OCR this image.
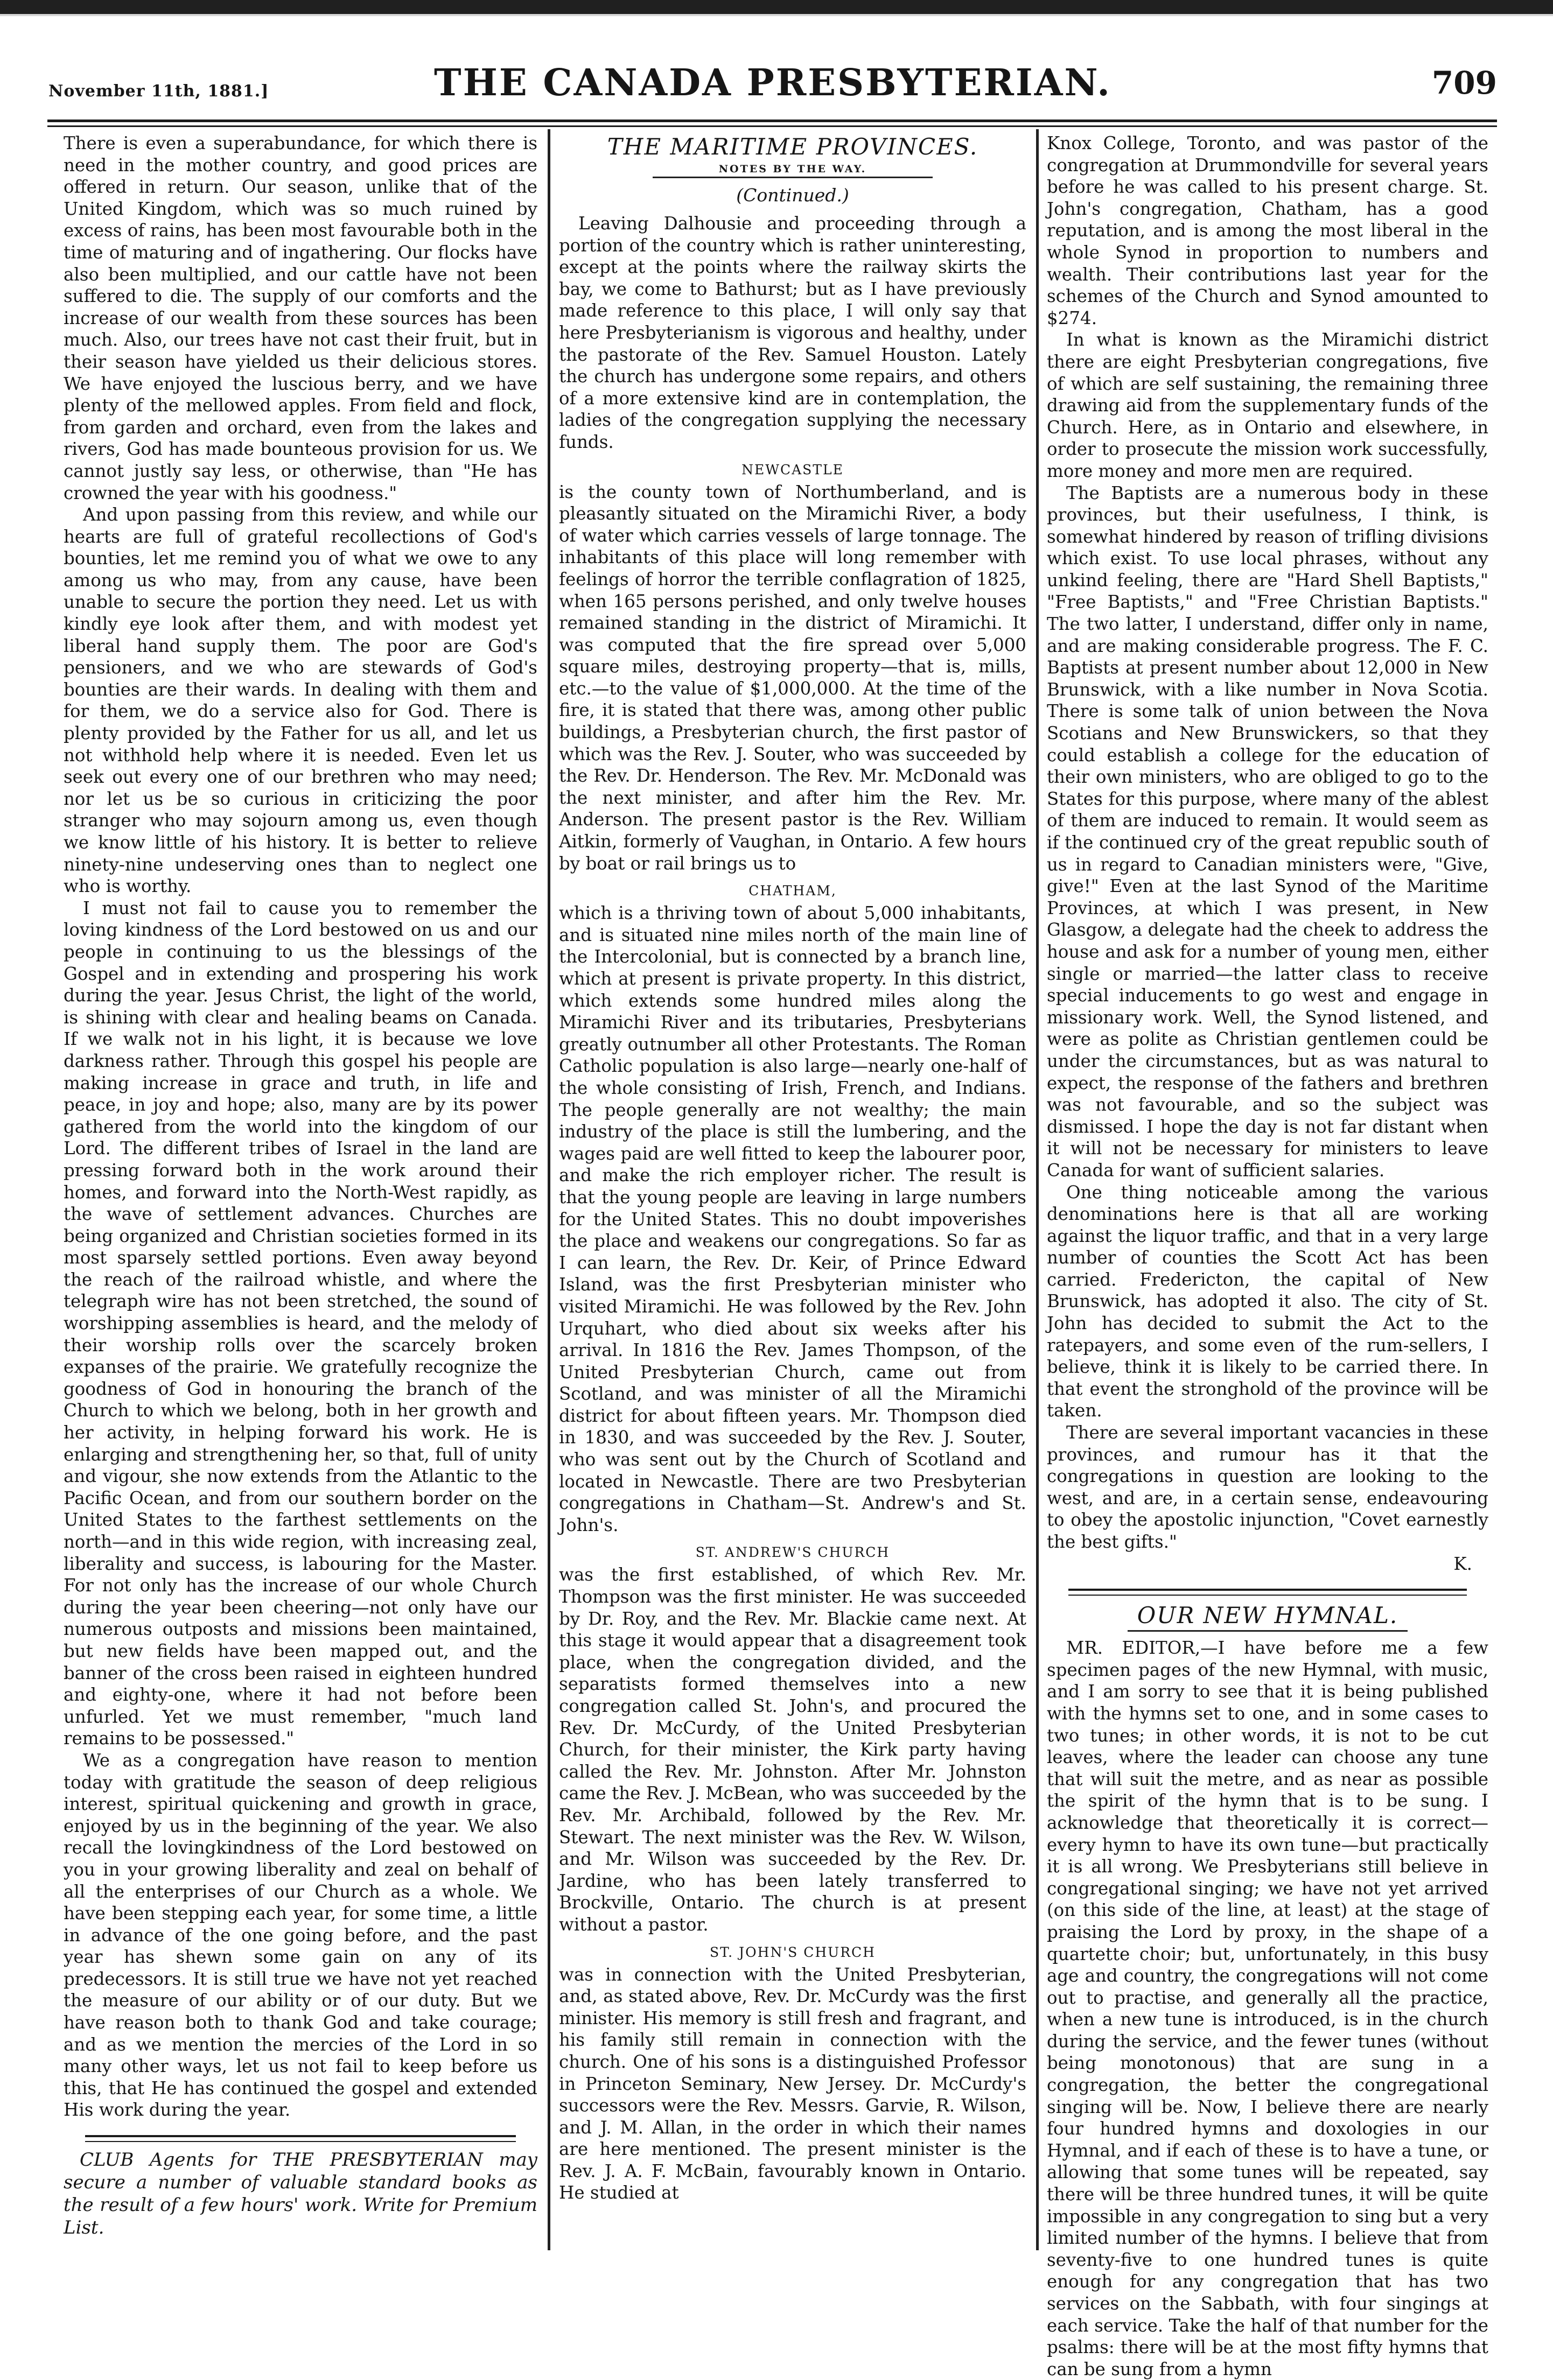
November 11th, 1881.]	THE CANADA PRESBYTERIAN.	709

There is even a superabundance, for which there is need in the mother country, and good prices are offered in return. Our season, unlike that of the United Kingdom, which was so much ruined by excess of rains, has been most favourable both in the time of maturing and of ingathering. Our flocks have also been multiplied, and our cattle have not been suffered to die. The supply of our comforts and the increase of our wealth from these sources has been much. Also, our trees have not cast their fruit, but in their season have yielded us their delicious stores. We have enjoyed the luscious berry, and we have plenty of the mellowed apples. From field and flock, from garden and orchard, even from the lakes and rivers, God has made bounteous provision for us. We cannot justly say less, or otherwise, than "He has crowned the year with his goodness."

And upon passing from this review, and while our hearts are full of grateful recollections of God's bounties, let me remind you of what we owe to any among us who may, from any cause, have been unable to secure the portion they need. Let us with kindly eye look after them, and with modest yet liberal hand supply them. The poor are God's pensioners, and we who are stewards of God's bounties are their wards. In dealing with them and for them, we do a service also for God. There is plenty provided by the Father for us all, and let us not withhold help where it is needed. Even let us seek out every one of our brethren who may need; nor let us be so curious in criticizing the poor stranger who may sojourn among us, even though we know little of his history. It is better to relieve ninety-nine undeserving ones than to neglect one who is worthy.

I must not fail to cause you to remember the loving kindness of the Lord bestowed on us and our people in continuing to us the blessings of the Gospel and in extending and prospering his work during the year. Jesus Christ, the light of the world, is shining with clear and healing beams on Canada. If we walk not in his light, it is because we love darkness rather. Through this gospel his people are making increase in grace and truth, in life and peace, in joy and hope; also, many are by its power gathered from the world into the kingdom of our Lord. The different tribes of Israel in the land are pressing forward both in the work around their homes, and forward into the North-West rapidly, as the wave of settlement advances. Churches are being organized and Christian societies formed in its most sparsely settled portions. Even away beyond the reach of the railroad whistle, and where the telegraph wire has not been stretched, the sound of worshipping assemblies is heard, and the melody of their worship rolls over the scarcely broken expanses of the prairie. We gratefully recognize the goodness of God in honouring the branch of the Church to which we belong, both in her growth and her activity, in helping forward his work. He is enlarging and strengthening her, so that, full of unity and vigour, she now extends from the Atlantic to the Pacific Ocean, and from our southern border on the United States to the farthest settlements on the north—and in this wide region, with increasing zeal, liberality and success, is labouring for the Master. For not only has the increase of our whole Church during the year been cheering—not only have our numerous outposts and missions been maintained, but new fields have been mapped out, and the banner of the cross been raised in eighteen hundred and eighty-one, where it had not before been unfurled. Yet we must remember, "much land remains to be possessed."

We as a congregation have reason to mention today with gratitude the season of deep religious interest, spiritual quickening and growth in grace, enjoyed by us in the beginning of the year. We also recall the lovingkindness of the Lord bestowed on you in your growing liberality and zeal on behalf of all the enterprises of our Church as a whole. We have been stepping each year, for some time, a little in advance of the one going before, and the past year has shewn some gain on any of its predecessors. It is still true we have not yet reached the measure of our ability or of our duty. But we have reason both to thank God and take courage; and as we mention the mercies of the Lord in so many other ways, let us not fail to keep before us this, that He has continued the gospel and extended His work during the year.

CLUB Agents for THE PRESBYTERIAN may secure a number of valuable standard books as the result of a few hours' work. Write for Premium List.

THE MARITIME PROVINCES.
NOTES BY THE WAY.
(Continued.)

Leaving Dalhousie and proceeding through a portion of the country which is rather uninteresting, except at the points where the railway skirts the bay, we come to Bathurst; but as I have previously made reference to this place, I will only say that here Presbyterianism is vigorous and healthy, under the pastorate of the Rev. Samuel Houston. Lately the church has undergone some repairs, and others of a more extensive kind are in contemplation, the ladies of the congregation supplying the necessary funds.

NEWCASTLE

is the county town of Northumberland, and is pleasantly situated on the Miramichi River, a body of water which carries vessels of large tonnage. The inhabitants of this place will long remember with feelings of horror the terrible conflagration of 1825, when 165 persons perished, and only twelve houses remained standing in the district of Miramichi. It was computed that the fire spread over 5,000 square miles, destroying property—that is, mills, etc.—to the value of $1,000,000. At the time of the fire, it is stated that there was, among other public buildings, a Presbyterian church, the first pastor of which was the Rev. J. Souter, who was succeeded by the Rev. Dr. Henderson. The Rev. Mr. McDonald was the next minister, and after him the Rev. Mr. Anderson. The present pastor is the Rev. William Aitkin, formerly of Vaughan, in Ontario. A few hours by boat or rail brings us to

CHATHAM,

which is a thriving town of about 5,000 inhabitants, and is situated nine miles north of the main line of the Intercolonial, but is connected by a branch line, which at present is private property. In this district, which extends some hundred miles along the Miramichi River and its tributaries, Presbyterians greatly outnumber all other Protestants. The Roman Catholic population is also large—nearly one-half of the whole consisting of Irish, French, and Indians. The people generally are not wealthy; the main industry of the place is still the lumbering, and the wages paid are well fitted to keep the labourer poor, and make the rich employer richer. The result is that the young people are leaving in large numbers for the United States. This no doubt impoverishes the place and weakens our congregations. So far as I can learn, the Rev. Dr. Keir, of Prince Edward Island, was the first Presbyterian minister who visited Miramichi. He was followed by the Rev. John Urquhart, who died about six weeks after his arrival. In 1816 the Rev. James Thompson, of the United Presbyterian Church, came out from Scotland, and was minister of all the Miramichi district for about fifteen years. Mr. Thompson died in 1830, and was succeeded by the Rev. J. Souter, who was sent out by the Church of Scotland and located in Newcastle. There are two Presbyterian congregations in Chatham—St. Andrew's and St. John's.

ST. ANDREW'S CHURCH

was the first established, of which Rev. Mr. Thompson was the first minister. He was succeeded by Dr. Roy, and the Rev. Mr. Blackie came next. At this stage it would appear that a disagreement took place, when the congregation divided, and the separatists formed themselves into a new congregation called St. John's, and procured the Rev. Dr. McCurdy, of the United Presbyterian Church, for their minister, the Kirk party having called the Rev. Mr. Johnston. After Mr. Johnston came the Rev. J. McBean, who was succeeded by the Rev. Mr. Archibald, followed by the Rev. Mr. Stewart. The next minister was the Rev. W. Wilson, and Mr. Wilson was succeeded by the Rev. Dr. Jardine, who has been lately transferred to Brockville, Ontario. The church is at present without a pastor.

ST. JOHN'S CHURCH

was in connection with the United Presbyterian, and, as stated above, Rev. Dr. McCurdy was the first minister. His memory is still fresh and fragrant, and his family still remain in connection with the church. One of his sons is a distinguished Professor in Princeton Seminary, New Jersey. Dr. McCurdy's successors were the Rev. Messrs. Garvie, R. Wilson, and J. M. Allan, in the order in which their names are here mentioned. The present minister is the Rev. J. A. F. McBain, favourably known in Ontario. He studied at

Knox College, Toronto, and was pastor of the congregation at Drummondville for several years before he was called to his present charge. St. John's congregation, Chatham, has a good reputation, and is among the most liberal in the whole Synod in proportion to numbers and wealth. Their contributions last year for the schemes of the Church and Synod amounted to $274.

In what is known as the Miramichi district there are eight Presbyterian congregations, five of which are self sustaining, the remaining three drawing aid from the supplementary funds of the Church. Here, as in Ontario and elsewhere, in order to prosecute the mission work successfully, more money and more men are required.

The Baptists are a numerous body in these provinces, but their usefulness, I think, is somewhat hindered by reason of trifling divisions which exist. To use local phrases, without any unkind feeling, there are "Hard Shell Baptists," "Free Baptists," and "Free Christian Baptists." The two latter, I understand, differ only in name, and are making considerable progress. The F. C. Baptists at present number about 12,000 in New Brunswick, with a like number in Nova Scotia. There is some talk of union between the Nova Scotians and New Brunswickers, so that they could establish a college for the education of their own ministers, who are obliged to go to the States for this purpose, where many of the ablest of them are induced to remain. It would seem as if the continued cry of the great republic south of us in regard to Canadian ministers were, "Give, give!" Even at the last Synod of the Maritime Provinces, at which I was present, in New Glasgow, a delegate had the cheek to address the house and ask for a number of young men, either single or married—the latter class to receive special inducements to go west and engage in missionary work. Well, the Synod listened, and were as polite as Christian gentlemen could be under the circumstances, but as was natural to expect, the response of the fathers and brethren was not favourable, and so the subject was dismissed. I hope the day is not far distant when it will not be necessary for ministers to leave Canada for want of sufficient salaries.

One thing noticeable among the various denominations here is that all are working against the liquor traffic, and that in a very large number of counties the Scott Act has been carried. Fredericton, the capital of New Brunswick, has adopted it also. The city of St. John has decided to submit the Act to the ratepayers, and some even of the rum-sellers, I believe, think it is likely to be carried there. In that event the stronghold of the province will be taken.

There are several important vacancies in these provinces, and rumour has it that the congregations in question are looking to the west, and are, in a certain sense, endeavouring to obey the apostolic injunction, "Covet earnestly the best gifts."

K.

OUR NEW HYMNAL.

MR. EDITOR,—I have before me a few specimen pages of the new Hymnal, with music, and I am sorry to see that it is being published with the hymns set to one, and in some cases to two tunes; in other words, it is not to be cut leaves, where the leader can choose any tune that will suit the metre, and as near as possible the spirit of the hymn that is to be sung. I acknowledge that theoretically it is correct—every hymn to have its own tune—but practically it is all wrong. We Presbyterians still believe in congregational singing; we have not yet arrived (on this side of the line, at least) at the stage of praising the Lord by proxy, in the shape of a quartette choir; but, unfortunately, in this busy age and country, the congregations will not come out to practise, and generally all the practice, when a new tune is introduced, is in the church during the service, and the fewer tunes (without being monotonous) that are sung in a congregation, the better the congregational singing will be. Now, I believe there are nearly four hundred hymns and doxologies in our Hymnal, and if each of these is to have a tune, or allowing that some tunes will be repeated, say there will be three hundred tunes, it will be quite impossible in any congregation to sing but a very limited number of the hymns. I believe that from seventy-five to one hundred tunes is quite enough for any congregation that has two services on the Sabbath, with four singings at each service. Take the half of that number for the psalms: there will be at the most fifty hymns that can be sung from a hymn
